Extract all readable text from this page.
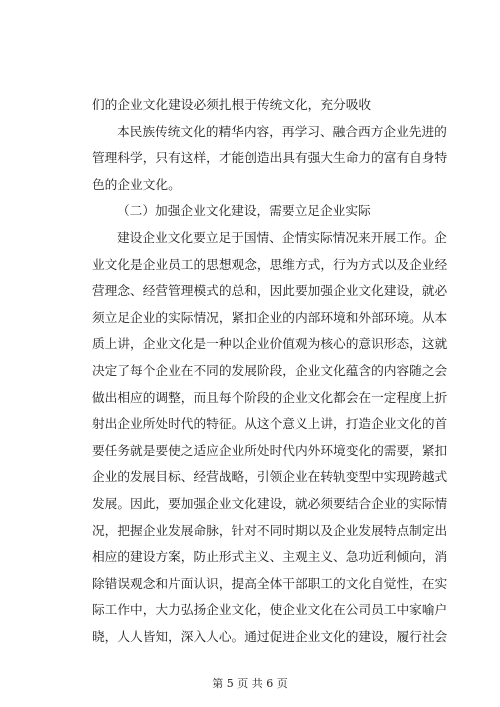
们的企业文化建设必须扎根于传统文化，充分吸收
本民族传统文化的精华内容，再学习、融合西方企业先进的
管理科学，只有这样，才能创造出具有强大生命力的富有自身特
色的企业文化。
（二）加强企业文化建设，需要立足企业实际
建设企业文化要立足于国情、企情实际情况来开展工作。企
业文化是企业员工的思想观念，思维方式，行为方式以及企业经
营理念、经营管理模式的总和，因此要加强企业文化建设，就必
须立足企业的实际情况，紧扣企业的内部环境和外部环境。从本
质上讲，企业文化是一种以企业价值观为核心的意识形态，这就
决定了每个企业在不同的发展阶段，企业文化蕴含的内容随之会
做出相应的调整，而且每个阶段的企业文化都会在一定程度上折
射出企业所处时代的特征。从这个意义上讲，打造企业文化的首
要任务就是要使之适应企业所处时代内外环境变化的需要，紧扣
企业的发展目标、经营战略，引领企业在转轨变型中实现跨越式
发展。因此，要加强企业文化建设，就必须要结合企业的实际情
况，把握企业发展命脉，针对不同时期以及企业发展特点制定出
相应的建设方案，防止形式主义、主观主义、急功近利倾向，消
除错误观念和片面认识，提高全体干部职工的文化自觉性，在实
际工作中，大力弘扬企业文化，使企业文化在公司员工中家喻户
晓，人人皆知，深入人心。通过促进企业文化的建设，履行社会
第 5 页 共 6 页
